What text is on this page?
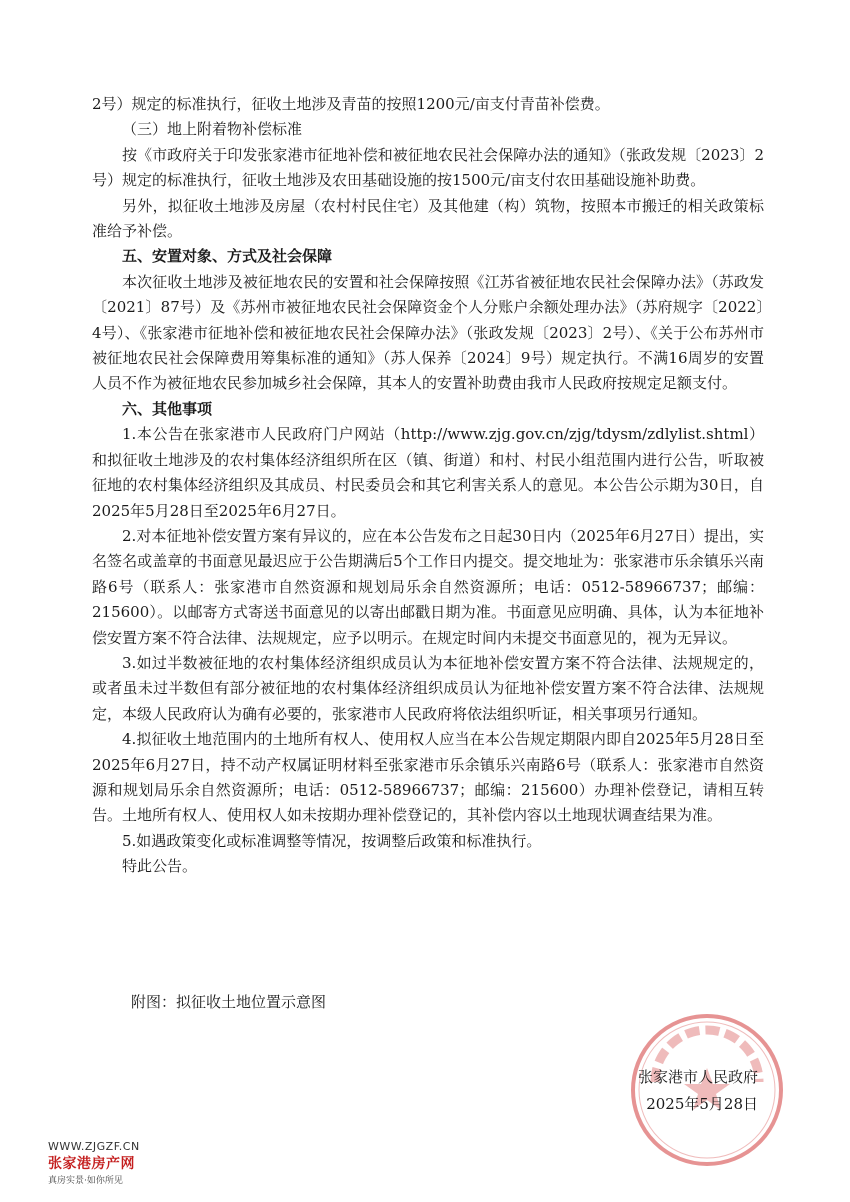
2号）规定的标准执行，征收土地涉及青苗的按照1200元/亩支付青苗补偿费。

（三）地上附着物补偿标准

按《市政府关于印发张家港市征地补偿和被征地农民社会保障办法的通知》（张政发规〔2023〕2号）规定的标准执行，征收土地涉及农田基础设施的按1500元/亩支付农田基础设施补助费。

另外，拟征收土地涉及房屋（农村村民住宅）及其他建（构）筑物，按照本市搬迁的相关政策标准给予补偿。

五、安置对象、方式及社会保障

本次征收土地涉及被征地农民的安置和社会保障按照《江苏省被征地农民社会保障办法》（苏政发〔2021〕87号）及《苏州市被征地农民社会保障资金个人分账户余额处理办法》（苏府规字〔2022〕4号）、《张家港市征地补偿和被征地农民社会保障办法》（张政发规〔2023〕2号）、《关于公布苏州市被征地农民社会保障费用筹集标准的通知》（苏人保养〔2024〕9号）规定执行。不满16周岁的安置人员不作为被征地农民参加城乡社会保障，其本人的安置补助费由我市人民政府按规定足额支付。

六、其他事项

1.本公告在张家港市人民政府门户网站（http://www.zjg.gov.cn/zjg/tdysm/zdlylist.shtml）和拟征收土地涉及的农村集体经济组织所在区（镇、街道）和村、村民小组范围内进行公告，听取被征地的农村集体经济组织及其成员、村民委员会和其它利害关系人的意见。本公告公示期为30日，自2025年5月28日至2025年6月27日。

2.对本征地补偿安置方案有异议的，应在本公告发布之日起30日内（2025年6月27日）提出，实名签名或盖章的书面意见最迟应于公告期满后5个工作日内提交。提交地址为：张家港市乐余镇乐兴南路6号（联系人：张家港市自然资源和规划局乐余自然资源所；电话：0512-58966737；邮编：215600）。以邮寄方式寄送书面意见的以寄出邮戳日期为准。书面意见应明确、具体，认为本征地补偿安置方案不符合法律、法规规定，应予以明示。在规定时间内未提交书面意见的，视为无异议。

3.如过半数被征地的农村集体经济组织成员认为本征地补偿安置方案不符合法律、法规规定的，或者虽未过半数但有部分被征地的农村集体经济组织成员认为征地补偿安置方案不符合法律、法规规定，本级人民政府认为确有必要的，张家港市人民政府将依法组织听证，相关事项另行通知。

4.拟征收土地范围内的土地所有权人、使用权人应当在本公告规定期限内即自2025年5月28日至2025年6月27日，持不动产权属证明材料至张家港市乐余镇乐兴南路6号（联系人：张家港市自然资源和规划局乐余自然资源所；电话：0512-58966737；邮编：215600）办理补偿登记，请相互转告。土地所有权人、使用权人如未按期办理补偿登记的，其补偿内容以土地现状调查结果为准。

5.如遇政策变化或标准调整等情况，按调整后政策和标准执行。

特此公告。

附图：拟征收土地位置示意图
张家港市人民政府
2025年5月28日
WWW.ZJGZF.CN
张家港房产网
真房实景·如你所见
